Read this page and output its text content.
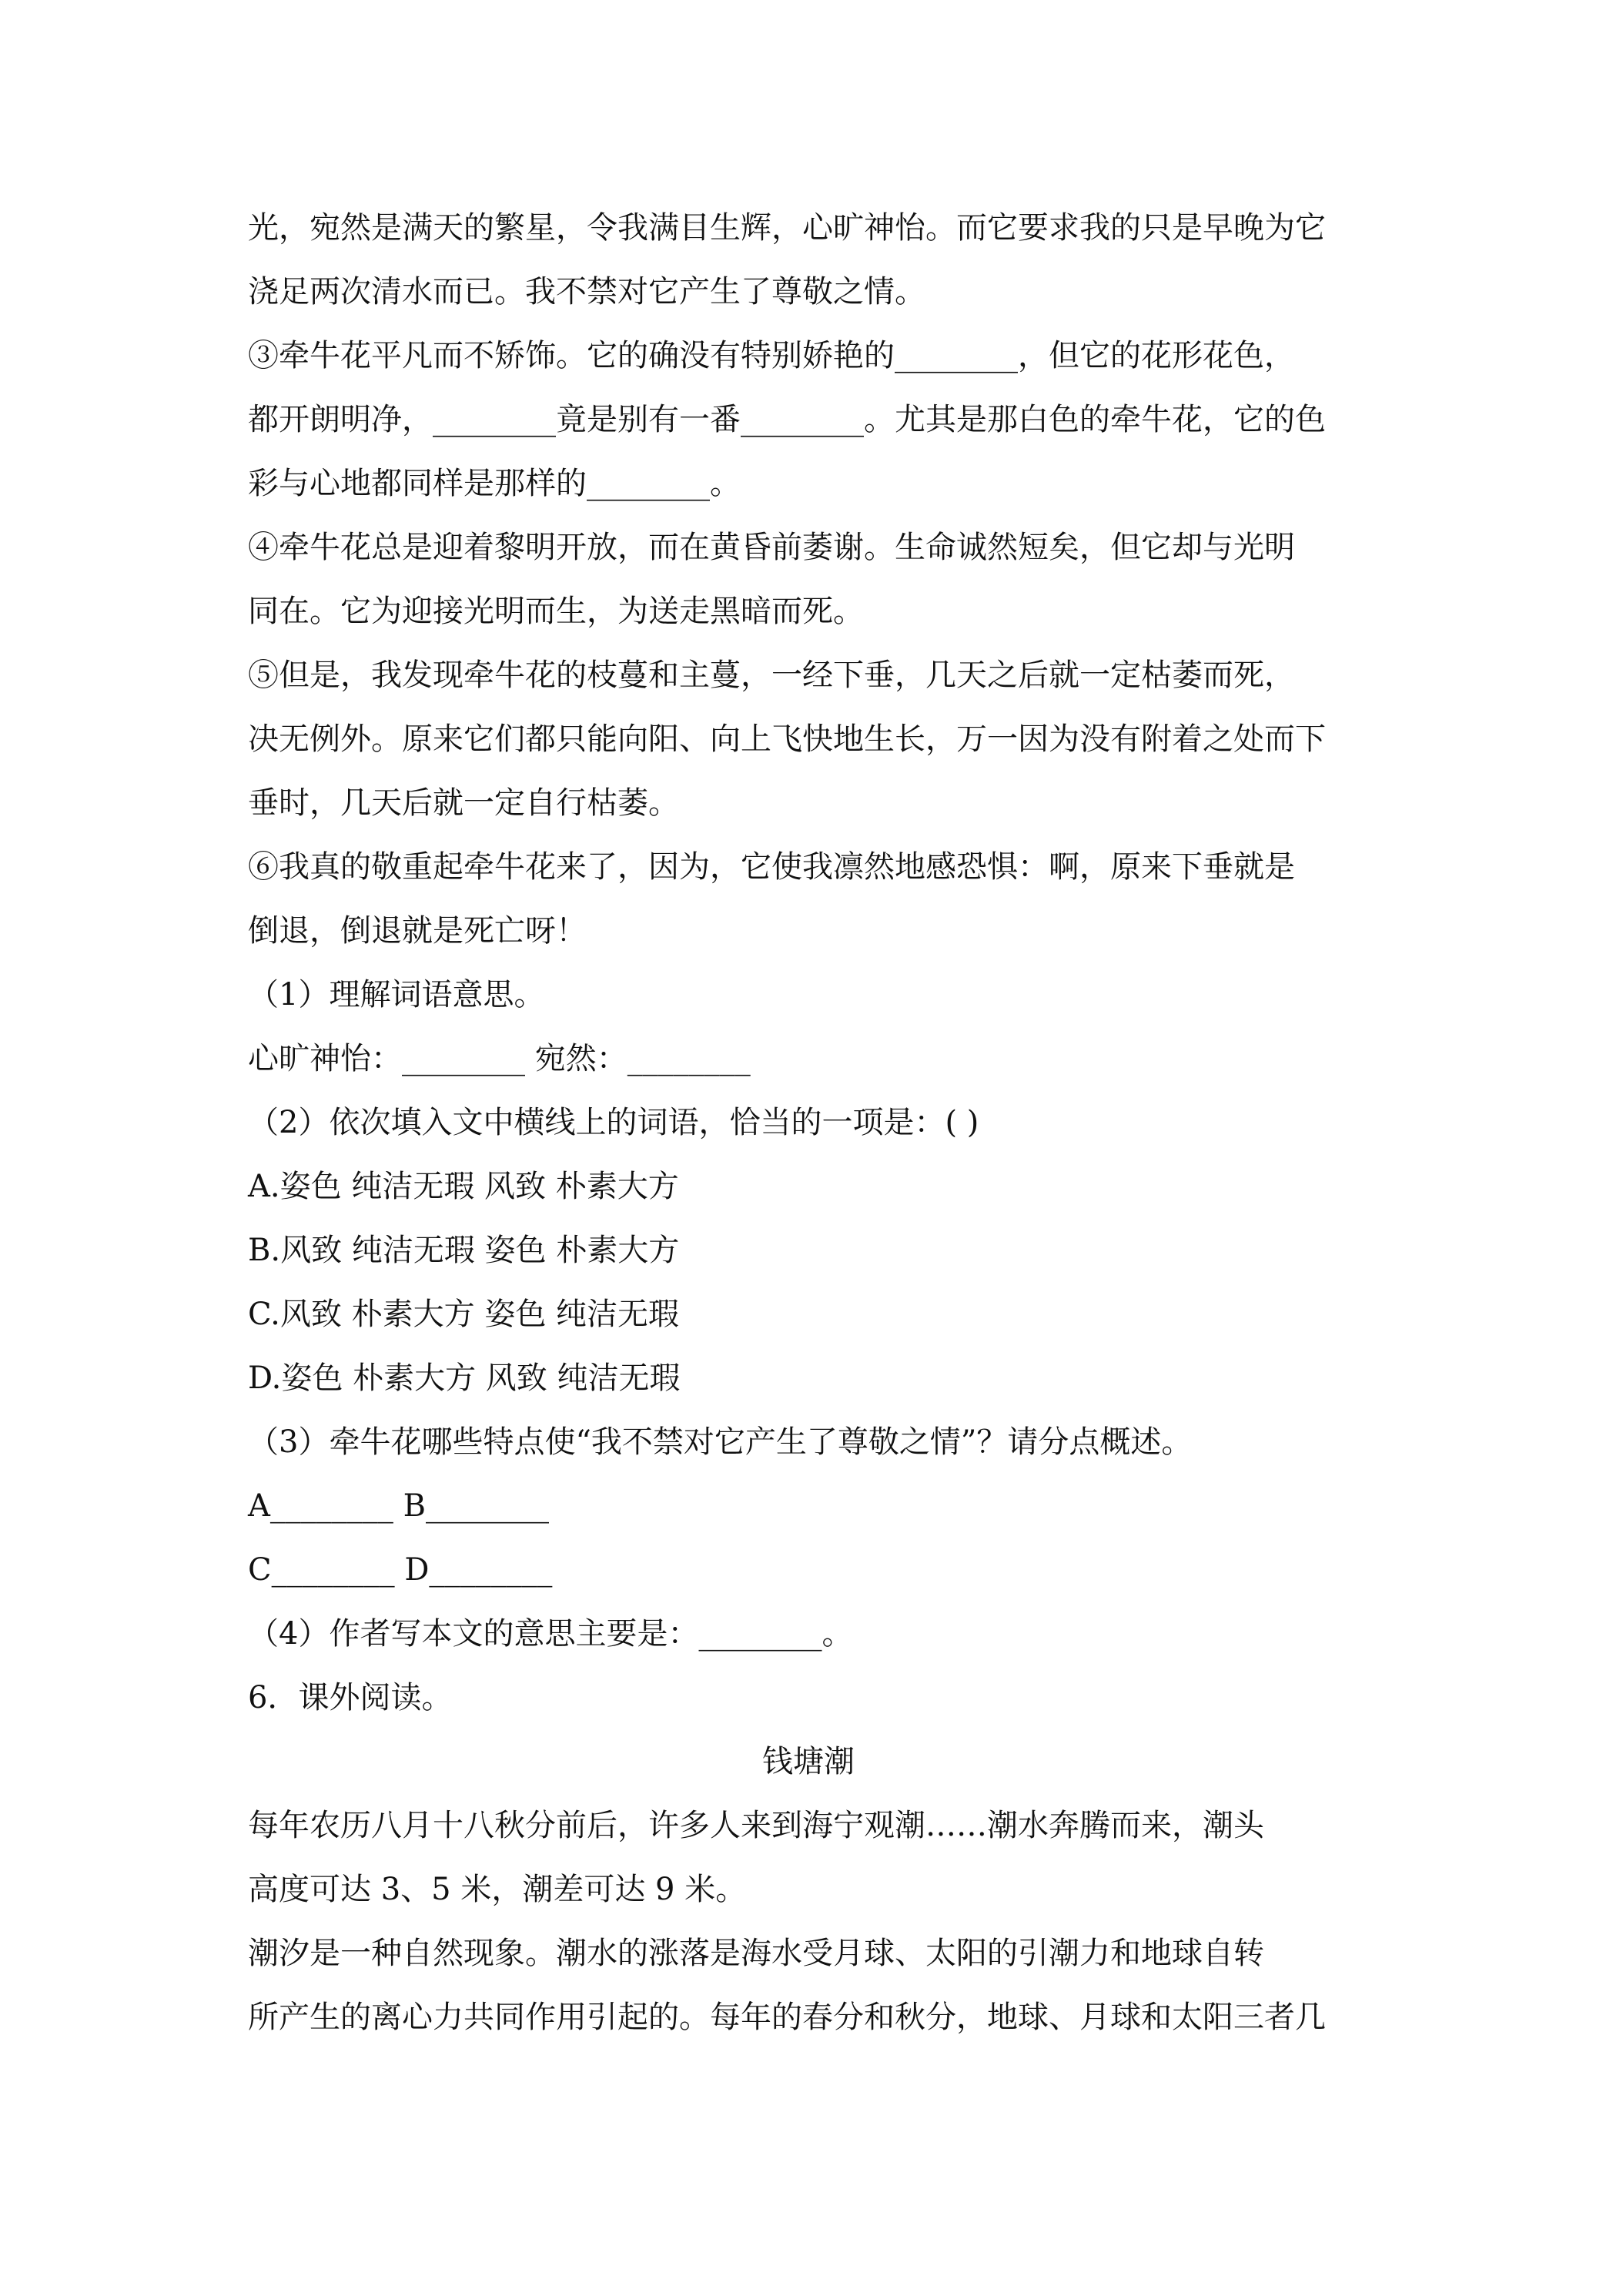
光，宛然是满天的繁星，令我满目生辉，心旷神怡。而它要求我的只是早晚为它
浇足两次清水而已。我不禁对它产生了尊敬之情。
③牵牛花平凡而不矫饰。它的确没有特别娇艳的________，但它的花形花色，
都开朗明净，________竟是别有一番________。尤其是那白色的牵牛花，它的色
彩与心地都同样是那样的________。
④牵牛花总是迎着黎明开放，而在黄昏前萎谢。生命诚然短矣，但它却与光明
同在。它为迎接光明而生，为送走黑暗而死。
⑤但是，我发现牵牛花的枝蔓和主蔓，一经下垂，几天之后就一定枯萎而死，
决无例外。原来它们都只能向阳、向上飞快地生长，万一因为没有附着之处而下
垂时，几天后就一定自行枯萎。
⑥我真的敬重起牵牛花来了，因为，它使我凛然地感恐惧：啊，原来下垂就是
倒退，倒退就是死亡呀！
（1）理解词语意思。
心旷神怡：________ 宛然：________
（2）依次填入文中横线上的词语，恰当的一项是：( )
A.姿色 纯洁无瑕 风致 朴素大方
B.风致 纯洁无瑕 姿色 朴素大方
C.风致 朴素大方 姿色 纯洁无瑕
D.姿色 朴素大方 风致 纯洁无瑕
（3）牵牛花哪些特点使“我不禁对它产生了尊敬之情”？请分点概述。
A________ B________
C________ D________
（4）作者写本文的意思主要是：________。
6．课外阅读。
钱塘潮
每年农历八月十八秋分前后，许多人来到海宁观潮……潮水奔腾而来，潮头
高度可达 3、5 米，潮差可达 9 米。
潮汐是一种自然现象。潮水的涨落是海水受月球、太阳的引潮力和地球自转
所产生的离心力共同作用引起的。每年的春分和秋分，地球、月球和太阳三者几
